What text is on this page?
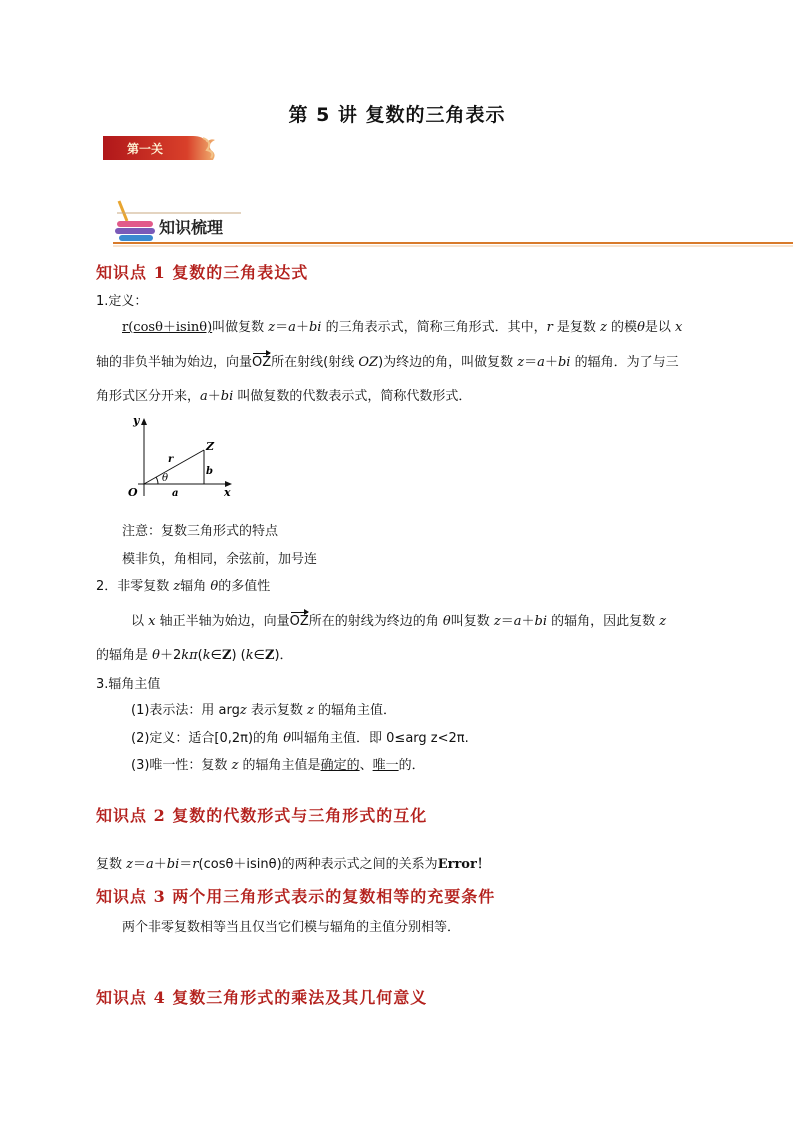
第 5 讲 复数的三角表示
第一关
知识梳理
知识点 1 复数的三角表达式
1.定义：
r(cosθ＋isinθ)叫做复数 z＝a＋bi 的三角表示式，简称三角形式．其中，r 是复数 z 的模θ是以 x
轴的非负半轴为始边，向量OZ所在射线(射线 OZ)为终边的角，叫做复数 z＝a＋bi 的辐角．为了与三
角形式区分开来，a＋bi 叫做复数的代数表示式，简称代数形式．
y
x
O
Z
r
θ
b
a
注意：复数三角形式的特点
模非负，角相同，余弦前，加号连
2．非零复数 z辐角 θ的多值性
以 x 轴正半轴为始边，向量OZ所在的射线为终边的角 θ叫复数 z＝a＋bi 的辐角，因此复数 z
的辐角是 θ＋2kπ(k∈Z) (k∈Z)．
3.辐角主值
(1)表示法：用 argz 表示复数 z 的辐角主值．
(2)定义：适合[0,2π)的角 θ叫辐角主值．即 0≤arg z<2π.
(3)唯一性：复数 z 的辐角主值是确定的、唯一的．
知识点 2 复数的代数形式与三角形式的互化
复数 z＝a＋bi＝r(cosθ＋isinθ)的两种表示式之间的关系为Error！
知识点 3 两个用三角形式表示的复数相等的充要条件
两个非零复数相等当且仅当它们模与辐角的主值分别相等．
知识点 4 复数三角形式的乘法及其几何意义
